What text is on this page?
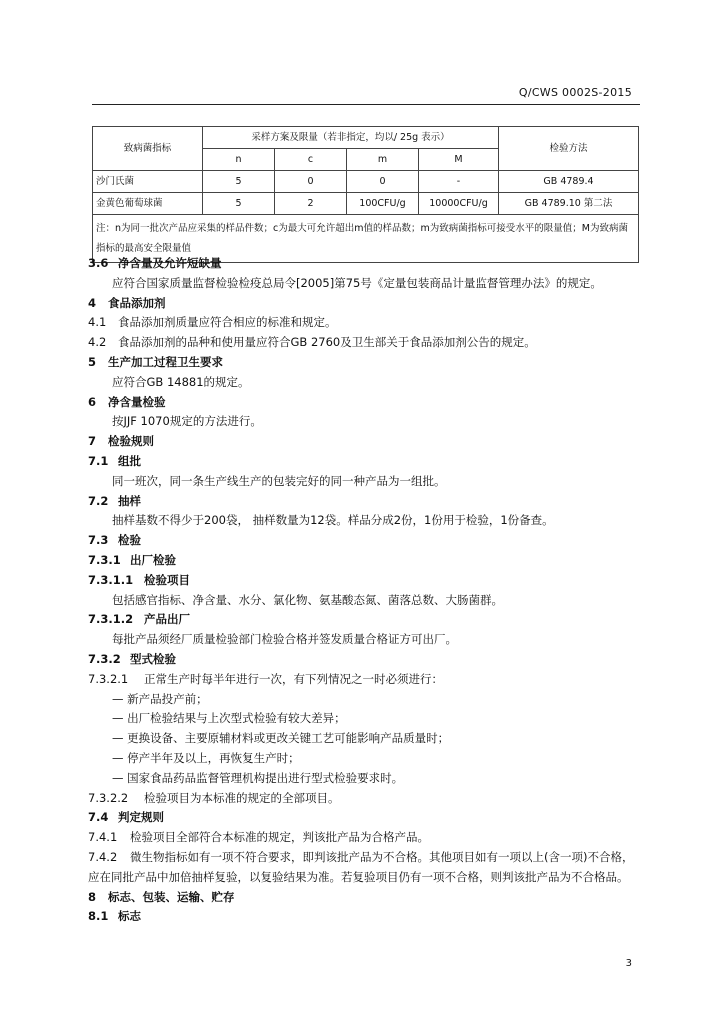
Q/CWS 0002S-2015
致病菌指标	采样方案及限量（若非指定，均以/ 25g 表示）				检验方法
	n	c	m	M	
沙门氏菌	5	0	0	-	GB 4789.4
金黄色葡萄球菌	5	2	100CFU/g	10000CFU/g	GB 4789.10 第二法
注：n为同一批次产品应采集的样品件数；c为最大可允许超出m值的样品数；m为致病菌指标可接受水平的限量值；M为致病菌指标的最高安全限量值					
3.6 净含量及允许短缺量
应符合国家质量监督检验检疫总局令[2005]第75号《定量包装商品计量监督管理办法》的规定。
4 食品添加剂
4.1 食品添加剂质量应符合相应的标准和规定。
4.2 食品添加剂的品种和使用量应符合GB 2760及卫生部关于食品添加剂公告的规定。
5 生产加工过程卫生要求
应符合GB 14881的规定。
6 净含量检验
按JJF 1070规定的方法进行。
7 检验规则
7.1 组批
同一班次，同一条生产线生产的包装完好的同一种产品为一组批。
7.2 抽样
抽样基数不得少于200袋， 抽样数量为12袋。样品分成2份，1份用于检验，1份备查。
7.3 检验
7.3.1 出厂检验
7.3.1.1 检验项目
包括感官指标、净含量、水分、氯化物、氨基酸态氮、菌落总数、大肠菌群。
7.3.1.2 产品出厂
每批产品须经厂质量检验部门检验合格并签发质量合格证方可出厂。
7.3.2 型式检验
7.3.2.1 正常生产时每半年进行一次，有下列情况之一时必须进行：
— 新产品投产前；
— 出厂检验结果与上次型式检验有较大差异；
— 更换设备、主要原辅材料或更改关键工艺可能影响产品质量时；
— 停产半年及以上，再恢复生产时；
— 国家食品药品监督管理机构提出进行型式检验要求时。
7.3.2.2 检验项目为本标准的规定的全部项目。
7.4 判定规则
7.4.1 检验项目全部符合本标准的规定，判该批产品为合格产品。
7.4.2 微生物指标如有一项不符合要求，即判该批产品为不合格。其他项目如有一项以上(含一项)不合格，应在同批产品中加倍抽样复验，以复验结果为准。若复验项目仍有一项不合格，则判该批产品为不合格品。
8 标志、包装、运输、贮存
8.1 标志
3
